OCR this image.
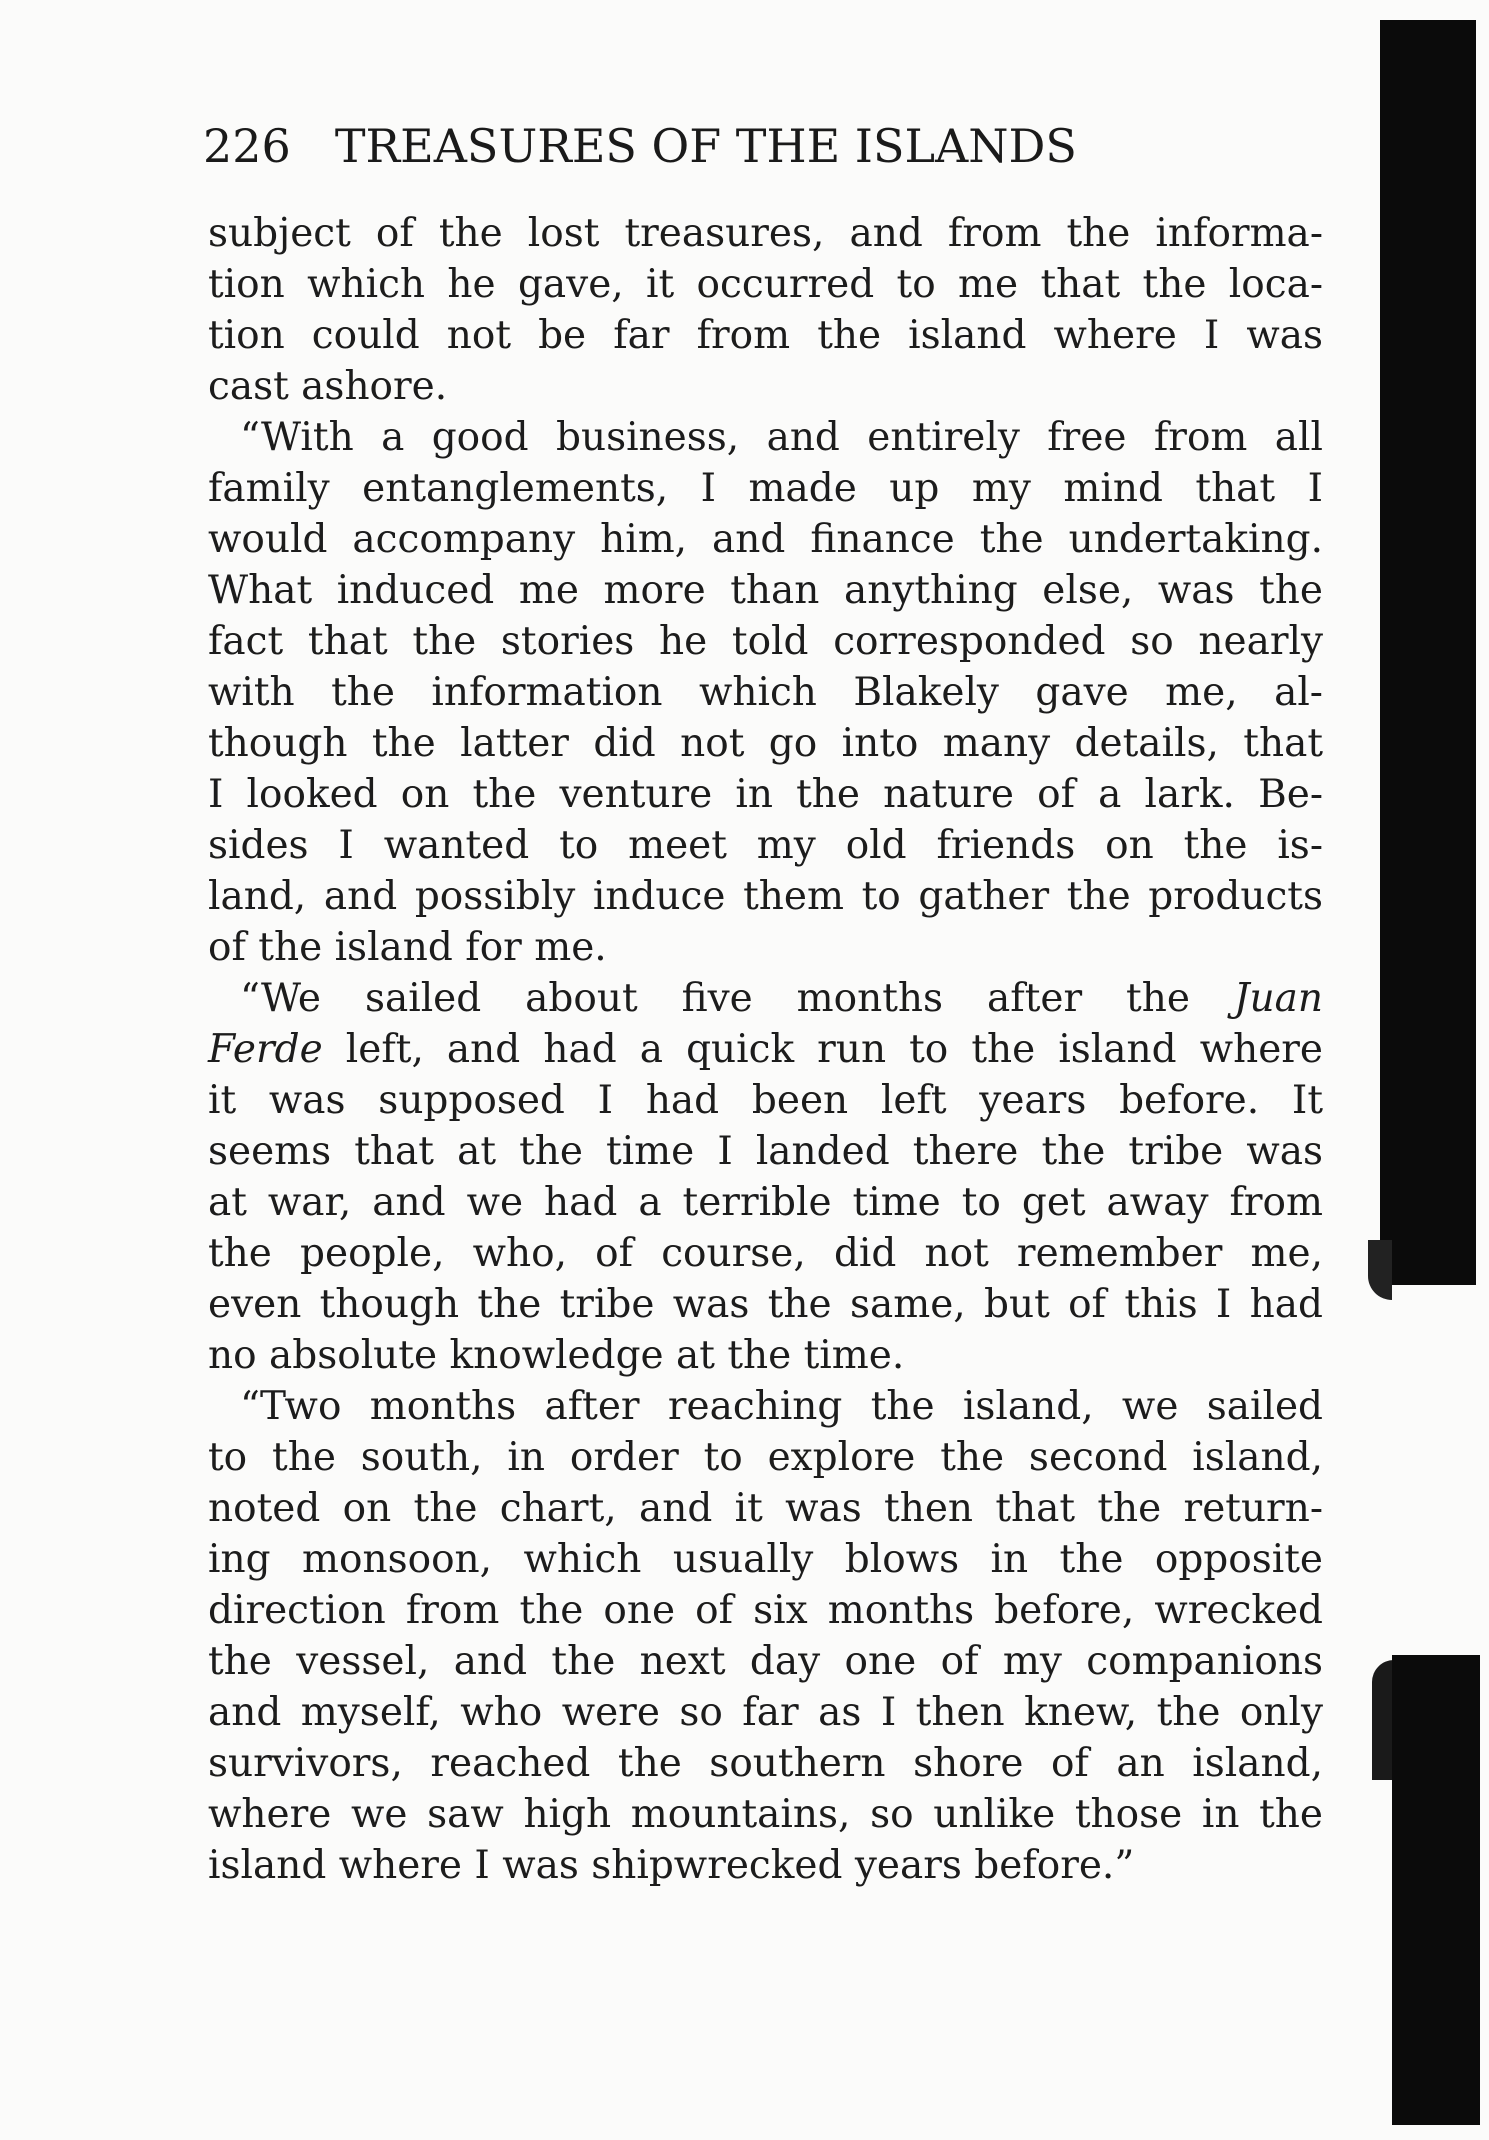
226 TREASURES OF THE ISLANDS
subject of the lost treasures, and from the informa-
tion which he gave, it occurred to me that the loca-
tion could not be far from the island where I was
cast ashore.
“With a good business, and entirely free from all
family entanglements, I made up my mind that I
would accompany him, and finance the undertaking.
What induced me more than anything else, was the
fact that the stories he told corresponded so nearly
with the information which Blakely gave me, al-
though the latter did not go into many details, that
I looked on the venture in the nature of a lark. Be-
sides I wanted to meet my old friends on the is-
land, and possibly induce them to gather the products
of the island for me.
“We sailed about five months after the Juan
Ferde left, and had a quick run to the island where
it was supposed I had been left years before. It
seems that at the time I landed there the tribe was
at war, and we had a terrible time to get away from
the people, who, of course, did not remember me,
even though the tribe was the same, but of this I had
no absolute knowledge at the time.
“Two months after reaching the island, we sailed
to the south, in order to explore the second island,
noted on the chart, and it was then that the return-
ing monsoon, which usually blows in the opposite
direction from the one of six months before, wrecked
the vessel, and the next day one of my companions
and myself, who were so far as I then knew, the only
survivors, reached the southern shore of an island,
where we saw high mountains, so unlike those in the
island where I was shipwrecked years before.”
